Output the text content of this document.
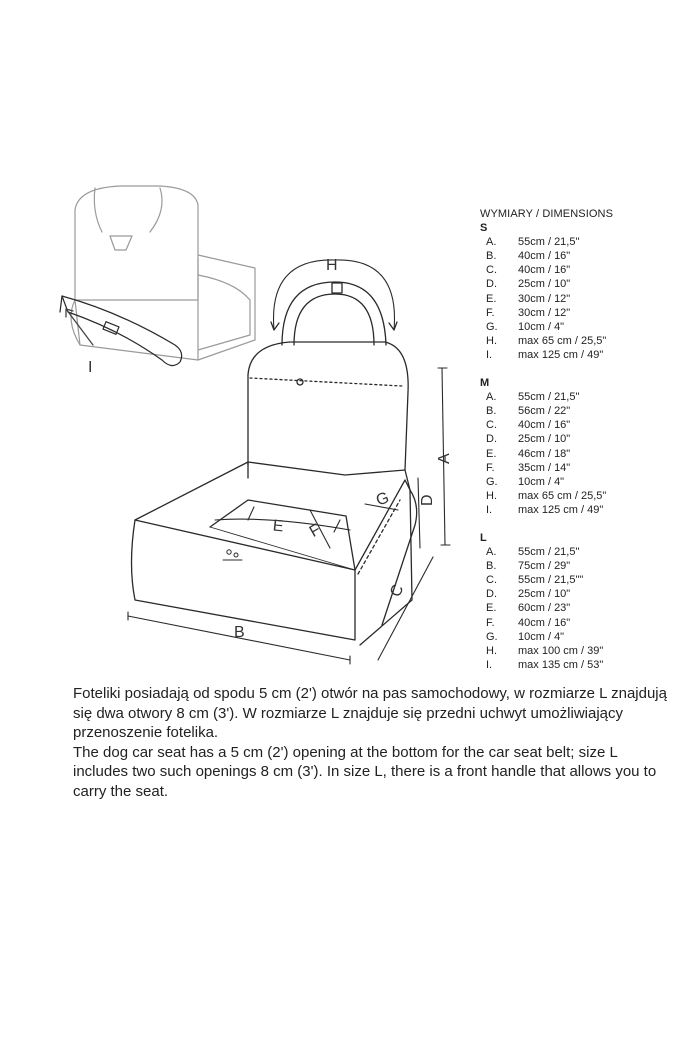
H
I
A
D
G
E F
B
C
WYMIARY / DIMENSIONS
S
A.	55cm / 21,5"
B.	40cm / 16"
C.	40cm / 16"
D.	25cm / 10"
E.	30cm / 12"
F.	30cm / 12"
G.	10cm / 4"
H.	max 65 cm / 25,5"
I.	max 125 cm / 49"
M
A.	55cm / 21,5"
B.	56cm / 22"
C.	40cm / 16"
D.	25cm / 10"
E.	46cm / 18"
F.	35cm / 14"
G.	10cm / 4"
H.	max 65 cm / 25,5"
I.	max 125 cm / 49"
L
A.	55cm / 21,5"
B.	75cm / 29"
C.	55cm / 21,5""
D.	25cm / 10"
E.	60cm / 23"
F.	40cm / 16"
G.	10cm / 4"
H.	max 100 cm / 39"
I.	max 135 cm / 53"

Foteliki posiadają od spodu 5 cm (2') otwór na pas samochodowy, w rozmiarze L znajdują się dwa otwory 8 cm (3'). W rozmiarze L znajduje się przedni uchwyt umożliwiający przenoszenie fotelika.

The dog car seat has a 5 cm (2') opening at the bottom for the car seat belt; size L includes two such openings 8 cm (3'). In size L, there is a front handle that allows you to carry the seat.
